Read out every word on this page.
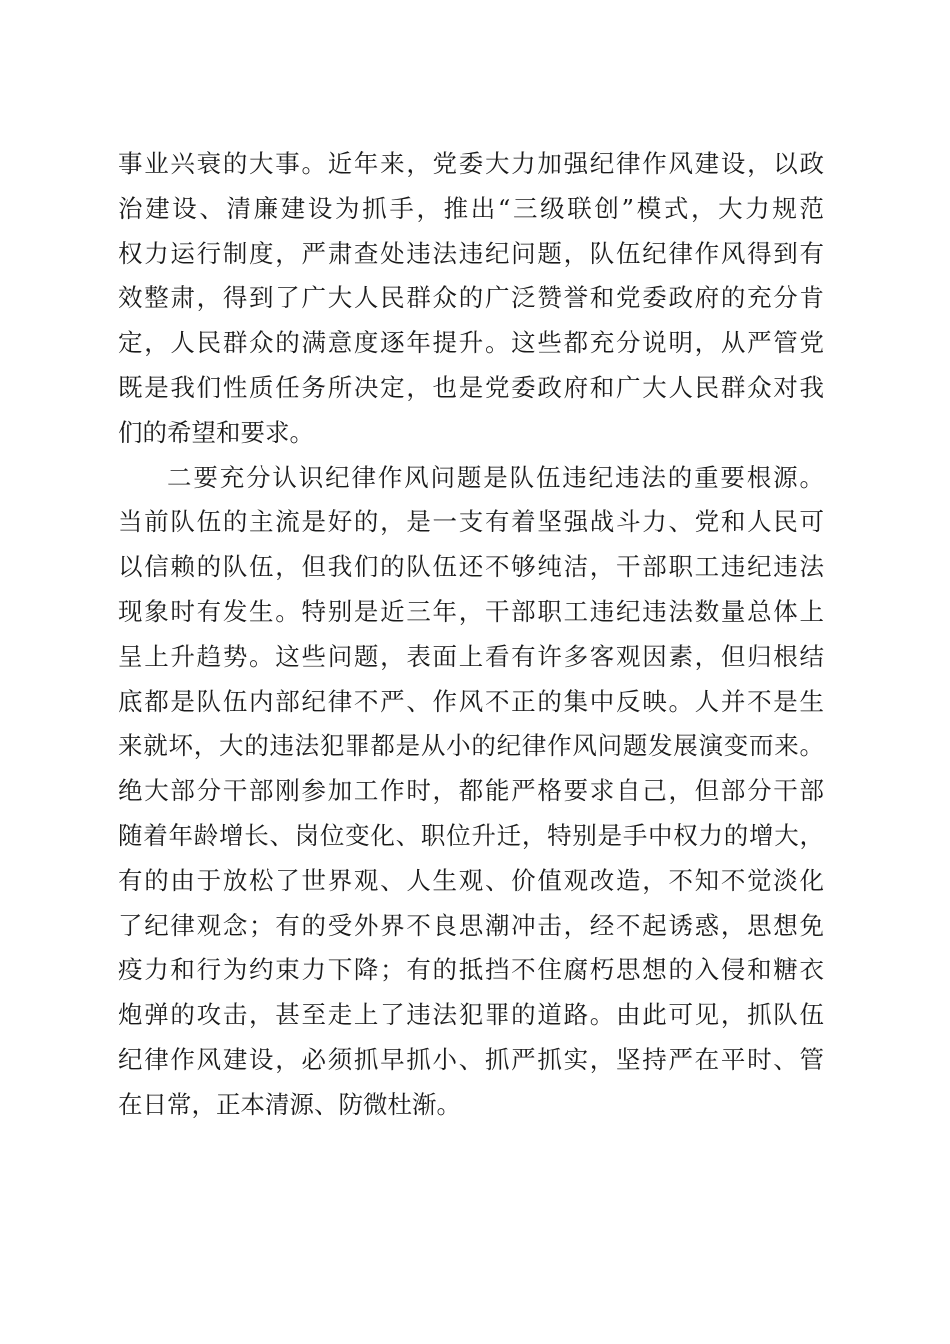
事业兴衰的大事。近年来，党委大力加强纪律作风建设，以政
治建设、清廉建设为抓手，推出“三级联创”模式，大力规范
权力运行制度，严肃查处违法违纪问题，队伍纪律作风得到有
效整肃，得到了广大人民群众的广泛赞誉和党委政府的充分肯
定，人民群众的满意度逐年提升。这些都充分说明，从严管党
既是我们性质任务所决定，也是党委政府和广大人民群众对我
们的希望和要求。
二要充分认识纪律作风问题是队伍违纪违法的重要根源。
当前队伍的主流是好的，是一支有着坚强战斗力、党和人民可
以信赖的队伍，但我们的队伍还不够纯洁，干部职工违纪违法
现象时有发生。特别是近三年，干部职工违纪违法数量总体上
呈上升趋势。这些问题，表面上看有许多客观因素，但归根结
底都是队伍内部纪律不严、作风不正的集中反映。人并不是生
来就坏，大的违法犯罪都是从小的纪律作风问题发展演变而来。
绝大部分干部刚参加工作时，都能严格要求自己，但部分干部
随着年龄增长、岗位变化、职位升迁，特别是手中权力的增大，
有的由于放松了世界观、人生观、价值观改造，不知不觉淡化
了纪律观念；有的受外界不良思潮冲击，经不起诱惑，思想免
疫力和行为约束力下降；有的抵挡不住腐朽思想的入侵和糖衣
炮弹的攻击，甚至走上了违法犯罪的道路。由此可见，抓队伍
纪律作风建设，必须抓早抓小、抓严抓实，坚持严在平时、管
在日常，正本清源、防微杜渐。
